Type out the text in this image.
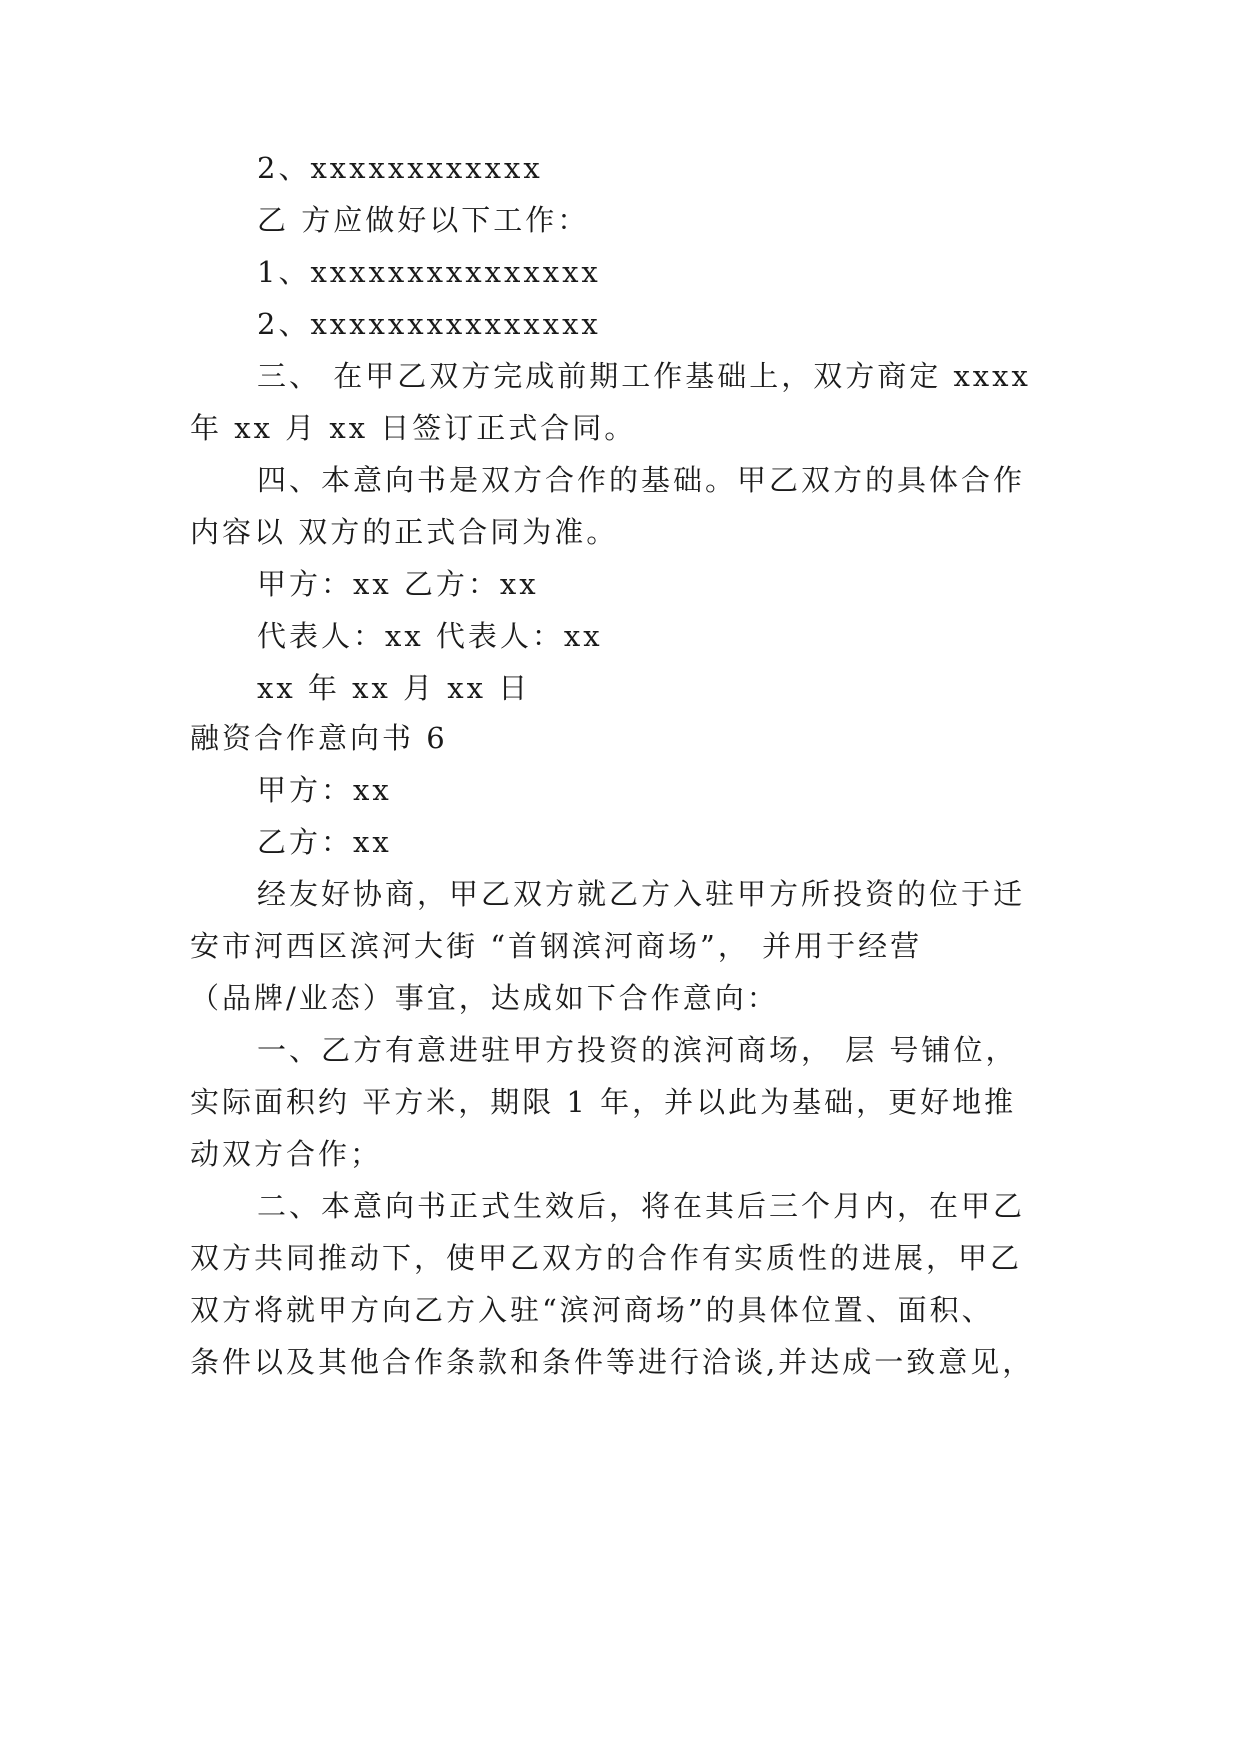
2、xxxxxxxxxxxx
乙 方应做好以下工作：
1、xxxxxxxxxxxxxxx
2、xxxxxxxxxxxxxxx
三、 在甲乙双方完成前期工作基础上，双方商定 xxxx
年 xx 月 xx 日签订正式合同。
四、本意向书是双方合作的基础。甲乙双方的具体合作
内容以 双方的正式合同为准。
甲方：xx 乙方：xx
代表人：xx 代表人：xx
xx 年 xx 月 xx 日
融资合作意向书 6
甲方：xx
乙方：xx
经友好协商，甲乙双方就乙方入驻甲方所投资的位于迁
安市河西区滨河大街 “首钢滨河商场”， 并用于经营
（品牌/业态）事宜，达成如下合作意向：
一、乙方有意进驻甲方投资的滨河商场， 层 号铺位，
实际面积约 平方米，期限 1 年，并以此为基础，更好地推
动双方合作；
二、本意向书正式生效后，将在其后三个月内，在甲乙
双方共同推动下，使甲乙双方的合作有实质性的进展，甲乙
双方将就甲方向乙方入驻“滨河商场”的具体位置、面积、
条件以及其他合作条款和条件等进行洽谈,并达成一致意见，
